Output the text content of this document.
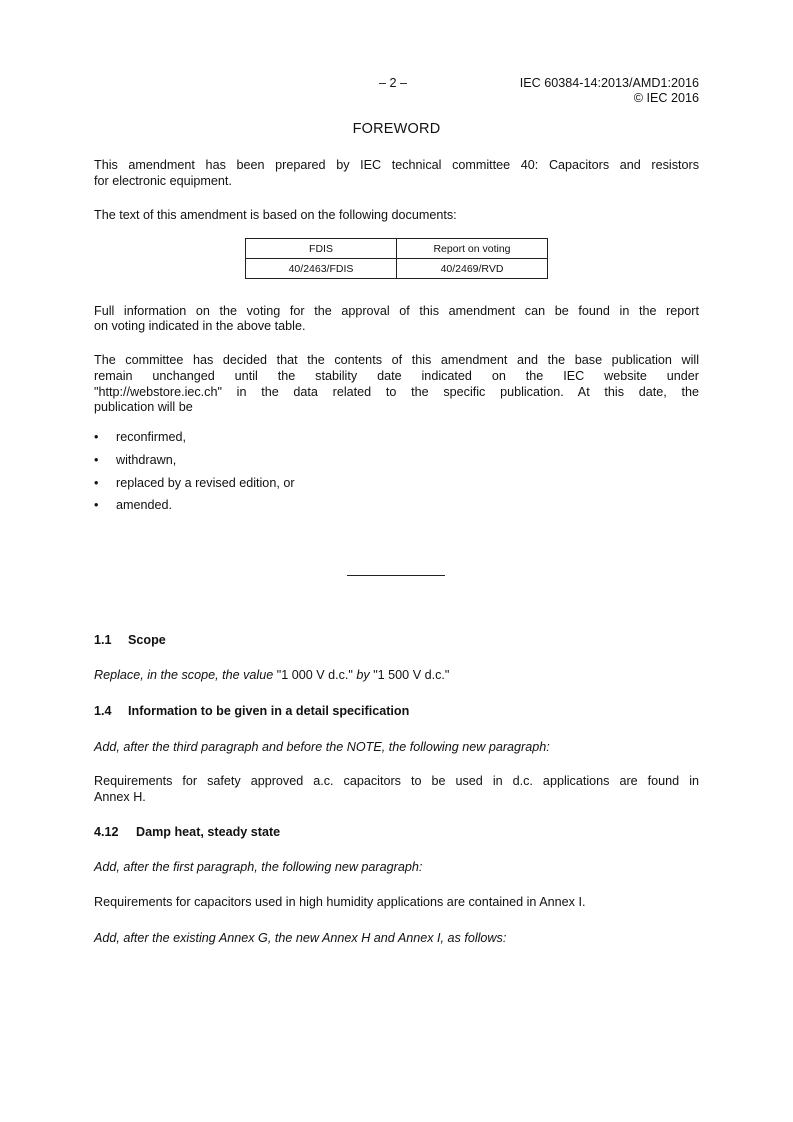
– 2 –	IEC 60384-14:2013/AMD1:2016
© IEC 2016
FOREWORD
This amendment has been prepared by IEC technical committee 40: Capacitors and resistors
for electronic equipment.
The text of this amendment is based on the following documents:
FDIS	Report on voting
40/2463/FDIS	40/2469/RVD
Full information on the voting for the approval of this amendment can be found in the report
on voting indicated in the above table.
The committee has decided that the contents of this amendment and the base publication will
remain unchanged until the stability date indicated on the IEC website under
"http://webstore.iec.ch" in the data related to the specific publication. At this date, the
publication will be
• reconfirmed,
• withdrawn,
• replaced by a revised edition, or
• amended.
1.1 Scope
Replace, in the scope, the value "1 000 V d.c." by "1 500 V d.c."
1.4 Information to be given in a detail specification
Add, after the third paragraph and before the NOTE, the following new paragraph:
Requirements for safety approved a.c. capacitors to be used in d.c. applications are found in
Annex H.
4.12 Damp heat, steady state
Add, after the first paragraph, the following new paragraph:
Requirements for capacitors used in high humidity applications are contained in Annex I.
Add, after the existing Annex G, the new Annex H and Annex I, as follows:
